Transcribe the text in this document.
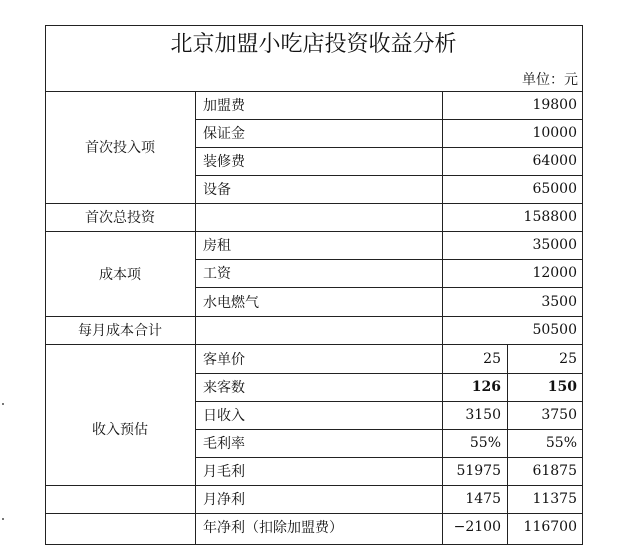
北京加盟小吃店投资收益分析
单位：元
首次投入项
加盟费	19800
保证金	10000
装修费	64000
设备	65000
首次总投资	158800
成本项
房租	35000
工资	12000
水电燃气	3500
每月成本合计	50500
收入预估
客单价	25	25
来客数	126	150
日收入	3150	3750
毛利率	55%	55%
月毛利	51975	61875
月净利	1475	11375
年净利（扣除加盟费）	−2100	116700
